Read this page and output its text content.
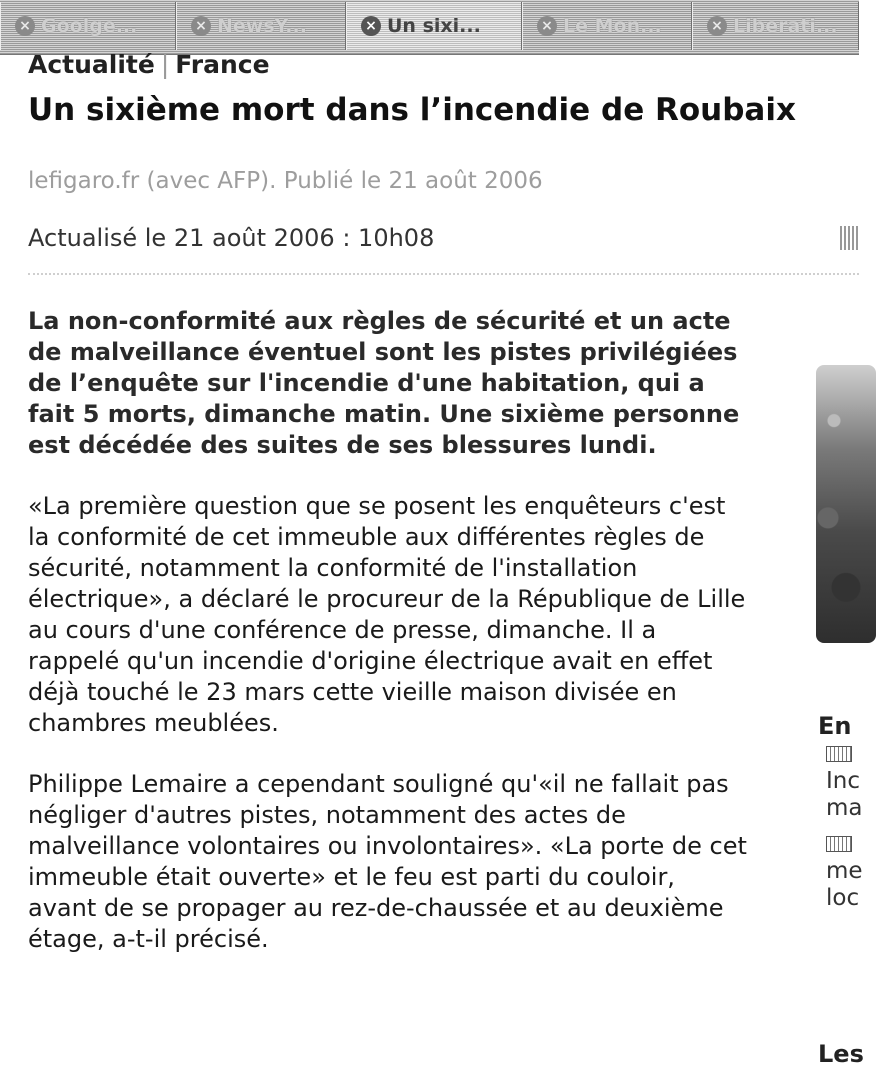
× Goolge...	× NewsY...	× Un sixi...	× Le Mon...	× Liberati...
Actualité | France
Un sixième mort dans l’incendie de Roubaix
lefigaro.fr (avec AFP). Publié le 21 août 2006
Actualisé le 21 août 2006 : 10h08

La non-conformité aux règles de sécurité et un acte de malveillance éventuel sont les pistes privilégiées de l’enquête sur l'incendie d'une habitation, qui a fait 5 morts, dimanche matin. Une sixième personne est décédée des suites de ses blessures lundi.

«La première question que se posent les enquêteurs c'est la conformité de cet immeuble aux différentes règles de sécurité, notamment la conformité de l'installation électrique», a déclaré le procureur de la République de Lille au cours d'une conférence de presse, dimanche. Il a rappelé qu'un incendie d'origine électrique avait en effet déjà touché le 23 mars cette vieille maison divisée en chambres meublées.

Philippe Lemaire a cependant souligné qu'«il ne fallait pas négliger d'autres pistes, notamment des actes de malveillance volontaires ou involontaires». «La porte de cet immeuble était ouverte» et le feu est parti du couloir, avant de se propager au rez-de-chaussée et au deuxième étage, a-t-il précisé.

En
Inc
ma
me
loc
Les
